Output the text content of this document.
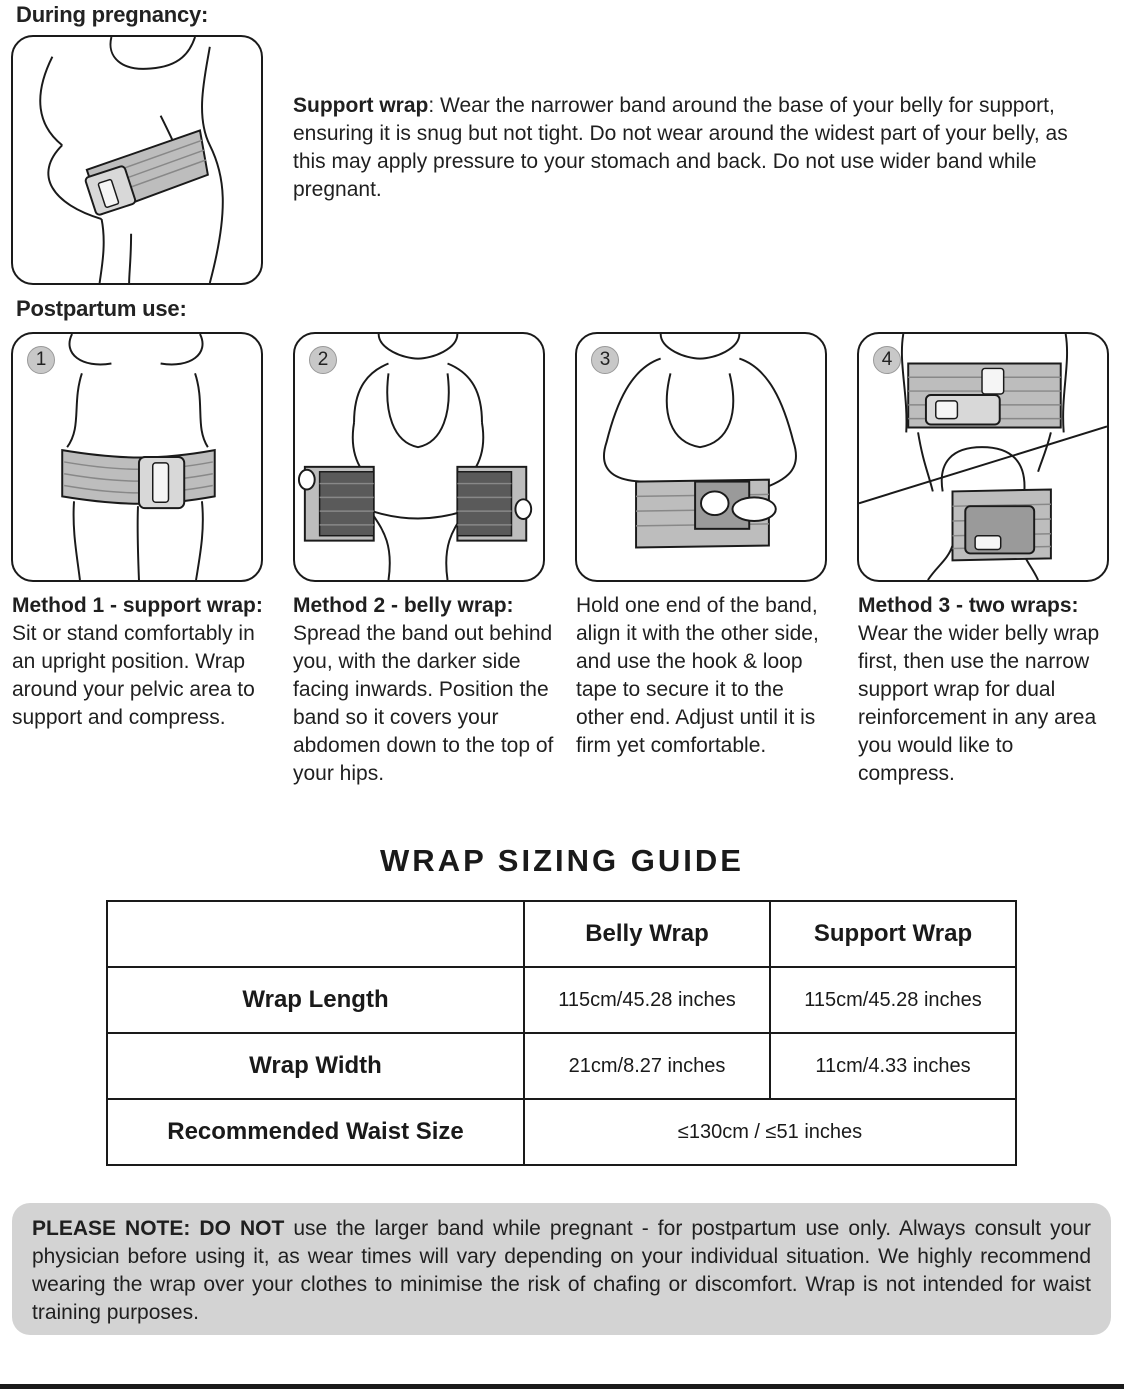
During pregnancy:
Support wrap: Wear the narrower band around the base of your belly for support, ensuring it is snug but not tight. Do not wear around the widest part of your belly, as this may apply pressure to your stomach and back. Do not use wider band while pregnant.
Postpartum use:
1	2	3	4
Method 1 - support wrap:
Sit or stand comfortably in an upright position. Wrap around your pelvic area to support and compress.
Method 2 - belly wrap:
Spread the band out behind you, with the darker side facing inwards. Position the band so it covers your abdomen down to the top of your hips.
Hold one end of the band, align it with the other side, and use the hook & loop tape to secure it to the other end. Adjust until it is firm yet comfortable.
Method 3 - two wraps:
Wear the wider belly wrap first, then use the narrow support wrap for dual reinforcement in any area you would like to compress.
WRAP SIZING GUIDE
	Belly Wrap	Support Wrap
Wrap Length	115cm/45.28 inches	115cm/45.28 inches
Wrap Width	21cm/8.27 inches	11cm/4.33 inches
Recommended Waist Size	≤130cm / ≤51 inches	
PLEASE NOTE: DO NOT use the larger band while pregnant - for postpartum use only. Always consult your physician before using it, as wear times will vary depending on your individual situation. We highly recommend wearing the wrap over your clothes to minimise the risk of chafing or discomfort. Wrap is not intended for waist training purposes.
